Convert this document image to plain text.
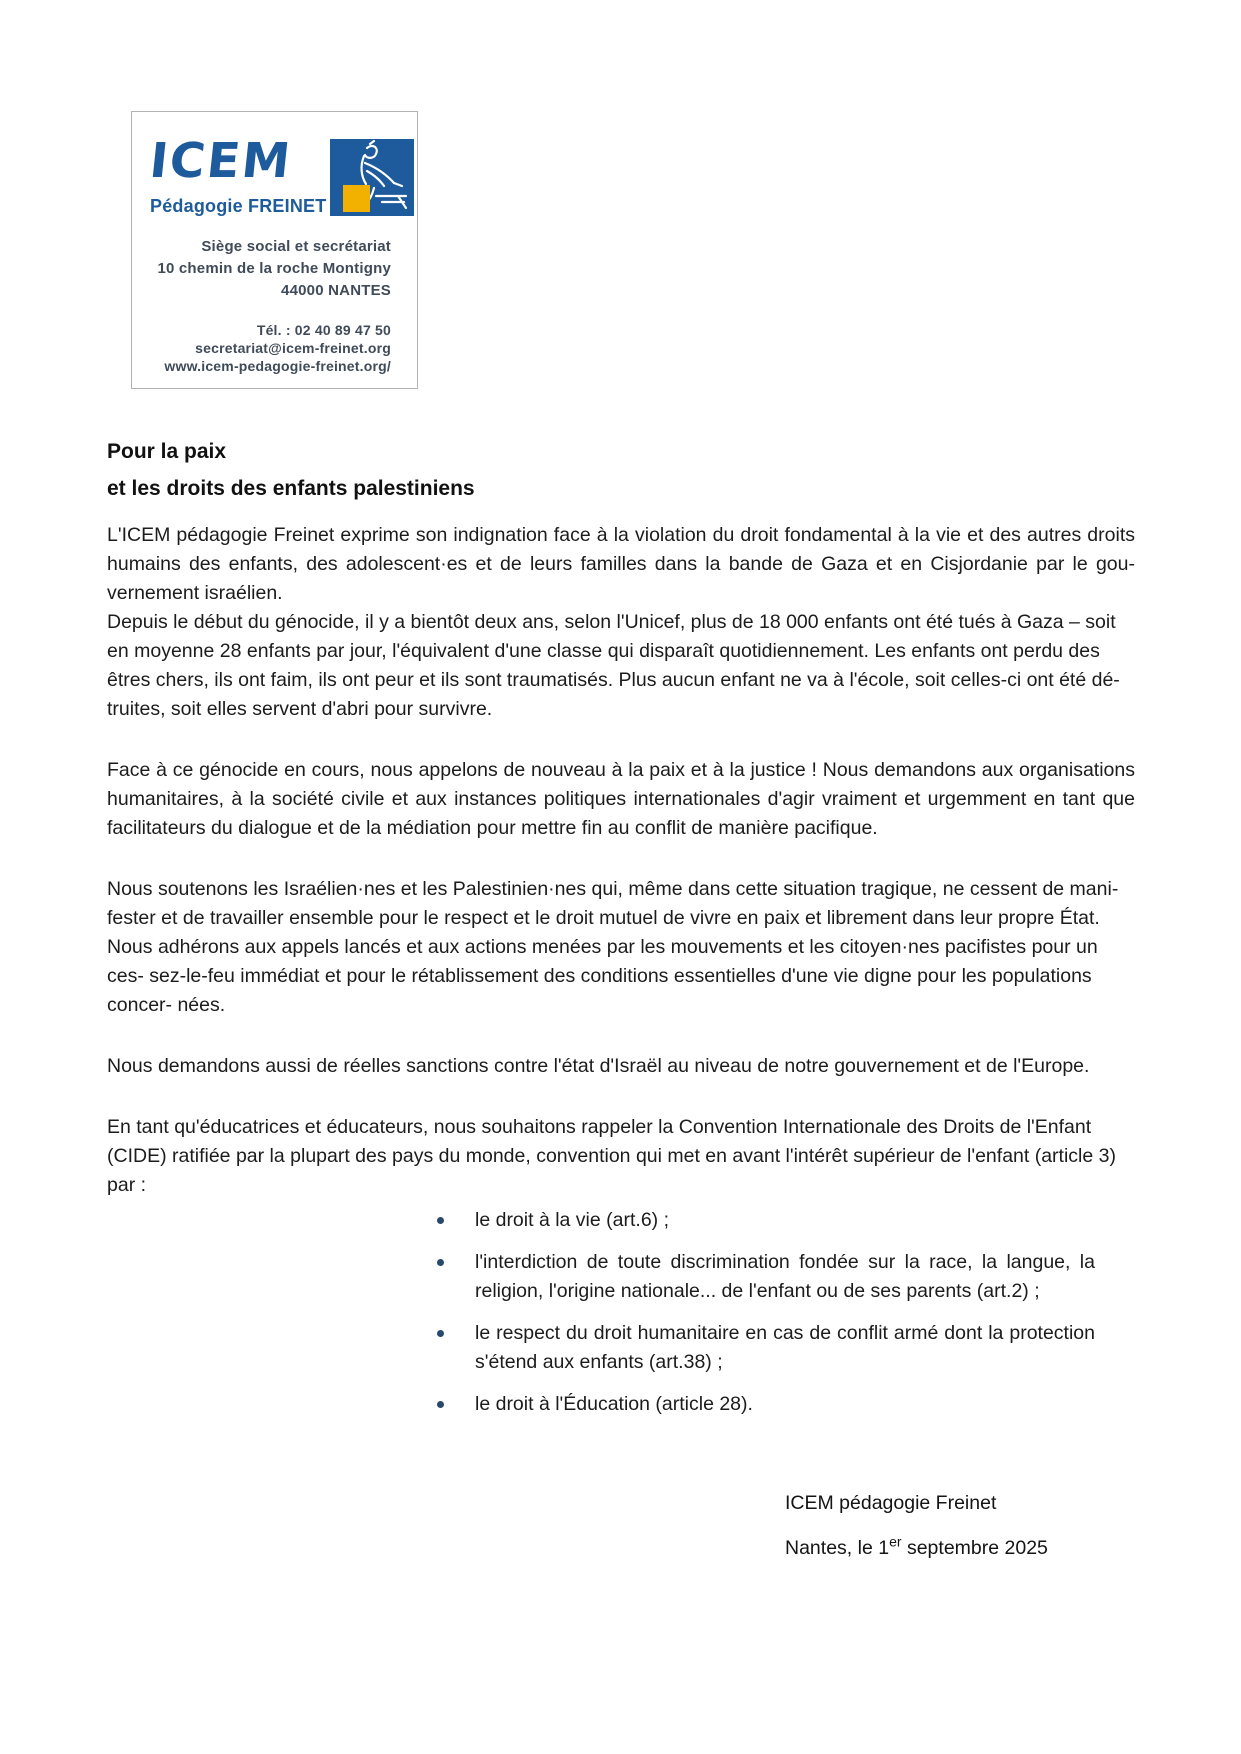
ICEM
Pédagogie FREINET
Siège social et secrétariat
10 chemin de la roche Montigny
44000 NANTES
Tél. : 02 40 89 47 50
secretariat@icem-freinet.org
www.icem-pedagogie-freinet.org/
Pour la paix
et les droits des enfants palestiniens

L'ICEM pédagogie Freinet exprime son indignation face à la violation du droit fondamental à la vie et des autres droits humains des enfants, des adolescent·es et de leurs familles dans la bande de Gaza et en Cisjordanie par le gou- vernement israélien.

Depuis le début du génocide, il y a bientôt deux ans, selon l'Unicef, plus de 18 000 enfants ont été tués à Gaza – soit en moyenne 28 enfants par jour, l'équivalent d'une classe qui disparaît quotidiennement. Les enfants ont perdu des êtres chers, ils ont faim, ils ont peur et ils sont traumatisés. Plus aucun enfant ne va à l'école, soit celles-ci ont été dé- truites, soit elles servent d'abri pour survivre.

Face à ce génocide en cours, nous appelons de nouveau à la paix et à la justice ! Nous demandons aux organisations humanitaires, à la société civile et aux instances politiques internationales d'agir vraiment et urgemment en tant que facilitateurs du dialogue et de la médiation pour mettre fin au conflit de manière pacifique.

Nous soutenons les Israélien·nes et les Palestinien·nes qui, même dans cette situation tragique, ne cessent de mani- fester et de travailler ensemble pour le respect et le droit mutuel de vivre en paix et librement dans leur propre État. Nous adhérons aux appels lancés et aux actions menées par les mouvements et les citoyen·nes pacifistes pour un ces- sez-le-feu immédiat et pour le rétablissement des conditions essentielles d'une vie digne pour les populations concer- nées.

Nous demandons aussi de réelles sanctions contre l'état d'Israël au niveau de notre gouvernement et de l'Europe.

En tant qu'éducatrices et éducateurs, nous souhaitons rappeler la Convention Internationale des Droits de l'Enfant (CIDE) ratifiée par la plupart des pays du monde, convention qui met en avant l'intérêt supérieur de l'enfant (article 3) par :

le droit à la vie (art.6) ;
l'interdiction de toute discrimination fondée sur la race, la langue, la religion, l'origine nationale... de l'enfant ou de ses parents (art.2) ;
le respect du droit humanitaire en cas de conflit armé dont la protection s'étend aux enfants (art.38) ;
le droit à l'Éducation (article 28).
ICEM pédagogie Freinet
Nantes, le 1er septembre 2025
